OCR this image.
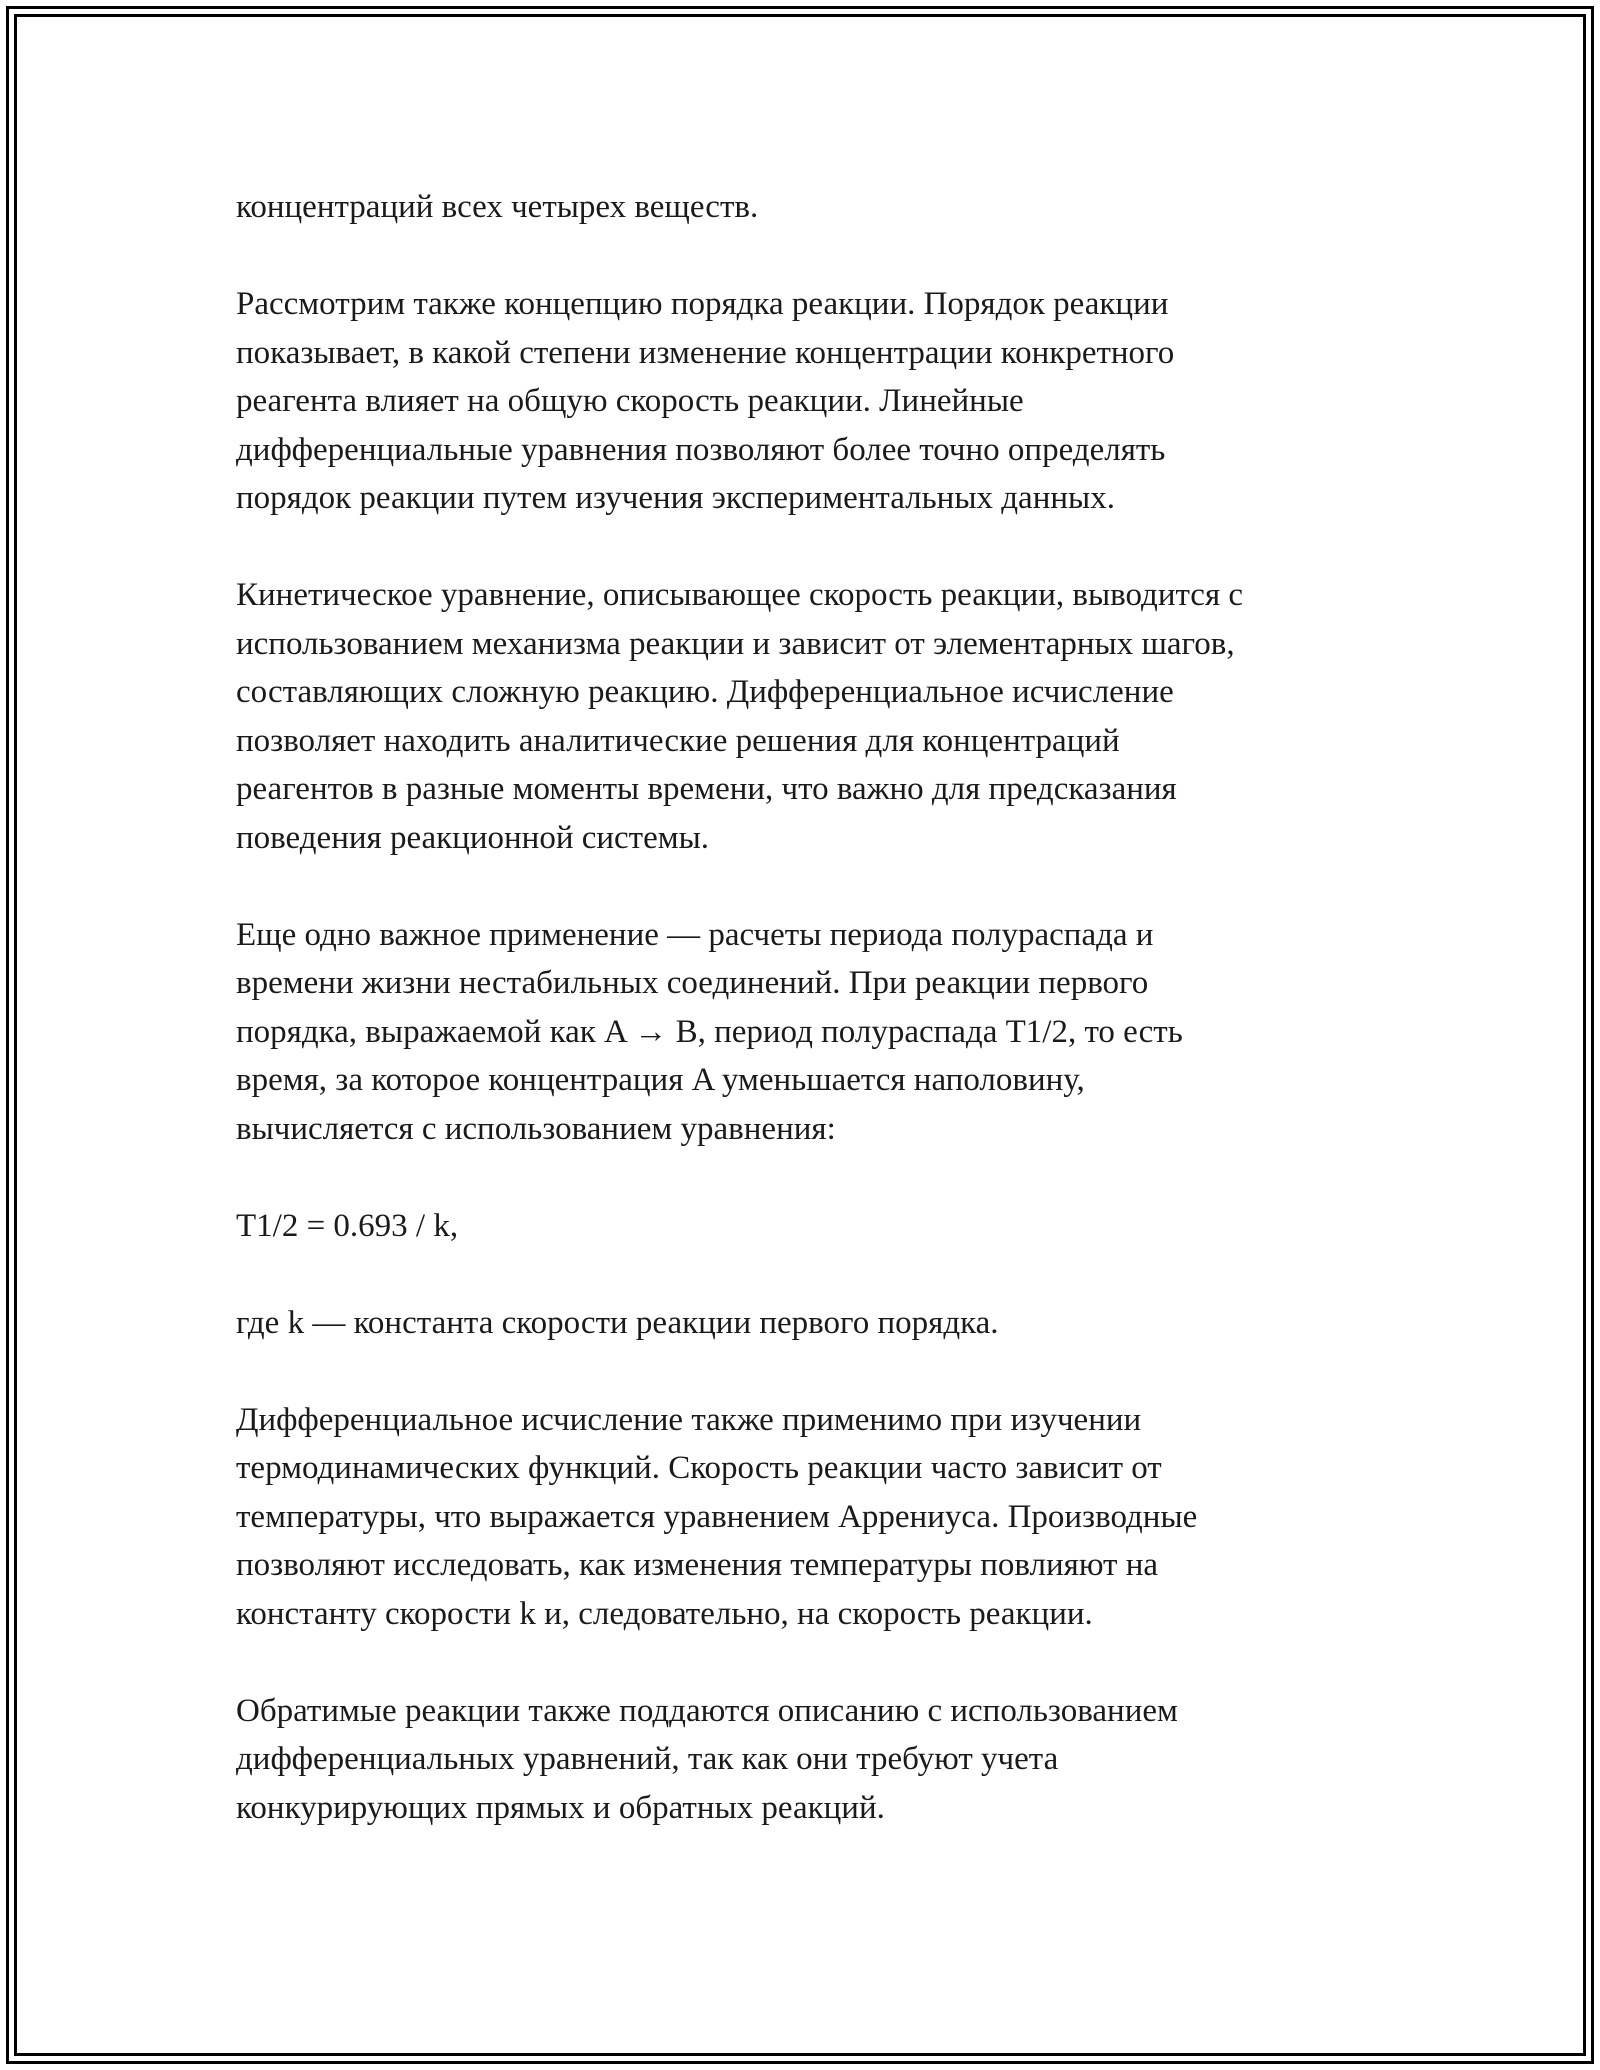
концентраций всех четырех веществ.

Рассмотрим также концепцию порядка реакции. Порядок реакции
показывает, в какой степени изменение концентрации конкретного
реагента влияет на общую скорость реакции. Линейные
дифференциальные уравнения позволяют более точно определять
порядок реакции путем изучения экспериментальных данных.

Кинетическое уравнение, описывающее скорость реакции, выводится с
использованием механизма реакции и зависит от элементарных шагов,
составляющих сложную реакцию. Дифференциальное исчисление
позволяет находить аналитические решения для концентраций
реагентов в разные моменты времени, что важно для предсказания
поведения реакционной системы.

Еще одно важное применение — расчеты периода полураспада и
времени жизни нестабильных соединений. При реакции первого
порядка, выражаемой как A → B, период полураспада T1/2, то есть
время, за которое концентрация A уменьшается наполовину,
вычисляется с использованием уравнения:

T1/2 = 0.693 / k,

где k — константа скорости реакции первого порядка.

Дифференциальное исчисление также применимо при изучении
термодинамических функций. Скорость реакции часто зависит от
температуры, что выражается уравнением Аррениуса. Производные
позволяют исследовать, как изменения температуры повлияют на
константу скорости k и, следовательно, на скорость реакции.

Обратимые реакции также поддаются описанию с использованием
дифференциальных уравнений, так как они требуют учета
конкурирующих прямых и обратных реакций.
